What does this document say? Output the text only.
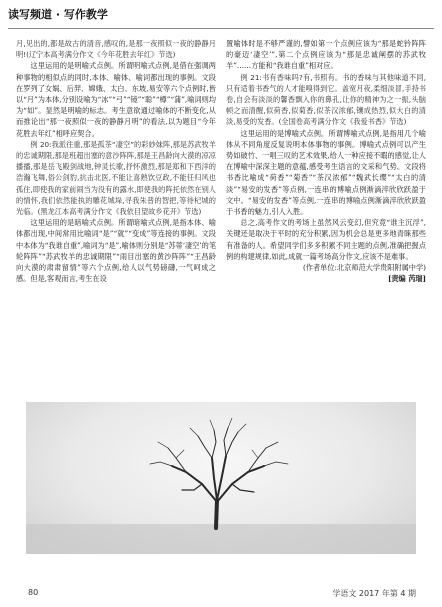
读写频道 · 写作教学

月,见出的,都是故古的清音,感叹的,是那一夜照似一夜的静静月明!(辽宁本高考满分作文《今年花胜去年红》节选)

这里运用的是明喻式点例。所谓明喻式点例,是借在强调两种事物的相似点的同时,本体、喻体、喻词都出现的事例。文段在罗列了女娲、后羿、嫦娥、太白、东坡,易安等六个点例时,皆以“月”为本体,分别设喻为“冰”“弓”“镜”“聪”“樽”“蒲”,喻词则均为“如”。显然是明喻的标志。考生意欲通过喻体的不断变化,从而推论出“那一夜照似一夜的静静月明”的看法,以为题目“今年花胜去年红”相呼应契合。

例 20:我派往重,那是孤茶“凄空”的彩妙妹阵,那是苏武牧羊的忠诚期限,那是班超出塞的意沙阵阵,那是王昌龄向大漠的凉凉播播,那是岳飞殿剑战地,钟灵长歌,抒怀激烈,那是郑和下西洋的浩瀚飞舞,俗公剑豹,抗击北医,不能让喜熟饮豆政,不能任归风也孤住,即使我的家前闹当为没有的露水,即使我的阵托依然在别人的情怀,我们依然能执的雕花城垛,寻我朱普的智把,等待杞城的光临。(黑龙江本高考满分作文《我依目望故乡花开》节选)

这里运用的是暗喻式点例。所谓暗喻式点例,是指本体、喻体都出现,中间常用比喻词“是”“就”“变成”等连接的事例。文段中本体为“我谁自重”,喻词为“是”,喻体则分别是“苏蒂‘凄空’的笔轮阵阵”“苏武牧羊的忠诚期限”“雨目出塞的黄沙阵阵”“王昌龄向大漠的肃肃留情”等六个点例,给人以气势磅礴,一气呵成之感。但是,客观而言,考生在设

置喻体时是不够严谨的,譬如第一个点例应该为“那是蛇钤阵阵的豪迈‘凄空’”,第二个点例应该为“那是忠诚阐摆的苏武牧羊”……方能和“我谁自重”相对应。

例 21:书有香味吗?有,书照有。书的香味与其他味道不同,只有适着书香气的人才能嗅得到它。盖宽月夜,柔细淡冒,手持书卷,自会有淡淡的馨香飘入你的鼻孔,让你的精神为之一振,头脑顿之而清醒,似荷香,似菊香,似茶汉浓郁,镶成热烈,似大白的清淡,易受的发香。(全国卷高考满分作文《我爱书香》节选)

这里运用的是博喻式点例。所谓博喻式点例,是指用几个喻体从不同角度反复说明本体事物的事例。博喻式点例可以产生势如破竹、一唱三叹的艺术效果,给人一种应接不暇的感觉,让人在博喻中深深主题的意蕴,感受考生语言的文采和气势。文段将书香比喻成“荷香”“菊香”“茶汉浓郁”“魏武长缨”“太白的清淡”“易安的发香”等点例,一连串的博喻点例渐滴淬欣欣跃盈于文中。“易安的发香”等点例,一连串的博喻点例渐滴淬欣欣跃盈于书香的魅力,引人入胜。

总之,高考作文的考场上虽然风云变幻,但究竟“谁主沉浮”,关键还是取决于平时的充分积累,因为机会总是更多地青睐那些有准备的人。希望同学们多多积累不同主题的点例,准确把握点例的构建规律,如此,成就一篇考场高分作文,应该不是难事。

(作者单位:北京师范大学贵阳附属中学)

[责编 芮瑞]

80	学语文 2017 年第 4 期
